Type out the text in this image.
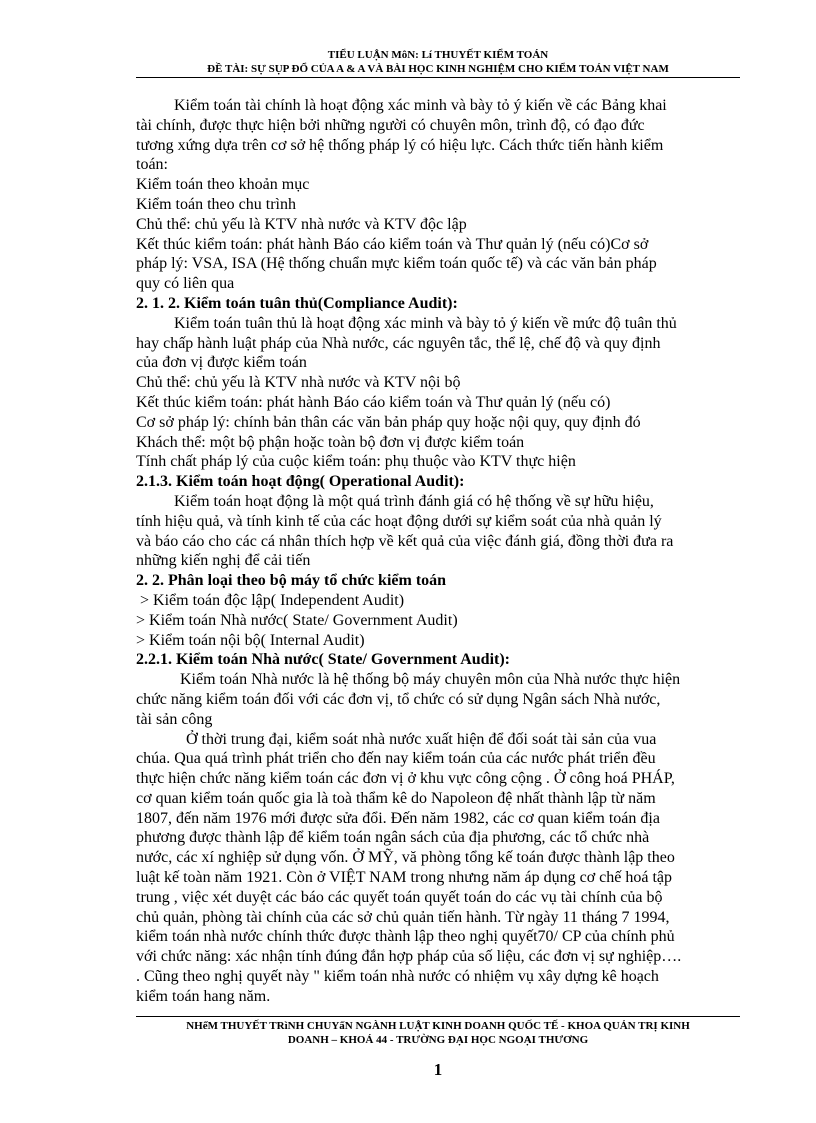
TIỂU LUẬN MôN: Lí THUYẾT KIỂM TOÁN
ĐỀ TÀI: SỰ SỤP ĐỔ CỦA A & A VÀ BÀI HỌC KINH NGHIỆM CHO KIỂM TOÁN VIỆT NAM
Kiểm toán tài chính là hoạt động xác minh và bày tỏ ý kiến về các Bảng khai
tài chính, được thực hiện bởi những người có chuyên môn, trình độ, có đạo đức
tương xứng dựa trên cơ sở hệ thống pháp lý có hiệu lực. Cách thức tiến hành kiểm
toán:
Kiểm toán theo khoản mục
Kiểm toán theo chu trình
Chủ thể: chủ yếu là KTV nhà nước và KTV độc lập
Kết thúc kiểm toán: phát hành Báo cáo kiểm toán và Thư quản lý (nếu có)Cơ sở
pháp lý: VSA, ISA (Hệ thống chuẩn mực kiểm toán quốc tế) và các văn bản pháp
quy có liên qua
2. 1. 2. Kiểm toán tuân thủ(Compliance Audit):
Kiểm toán tuân thủ là hoạt động xác minh và bày tỏ ý kiến về mức độ tuân thủ
hay chấp hành luật pháp của Nhà nước, các nguyên tắc, thể lệ, chế độ và quy định
của đơn vị được kiểm toán
Chủ thể: chủ yếu là KTV nhà nước và KTV nội bộ
Kết thúc kiểm toán: phát hành Báo cáo kiểm toán và Thư quản lý (nếu có)
Cơ sở pháp lý: chính bản thân các văn bản pháp quy hoặc nội quy, quy định đó
Khách thể: một bộ phận hoặc toàn bộ đơn vị được kiểm toán
Tính chất pháp lý của cuộc kiểm toán: phụ thuộc vào KTV thực hiện
2.1.3. Kiểm toán hoạt động( Operational Audit):
Kiểm toán hoạt động là một quá trình đánh giá có hệ thống về sự hữu hiệu,
tính hiệu quả, và tính kinh tế của các hoạt động dưới sự kiểm soát của nhà quản lý
và báo cáo cho các cá nhân thích hợp về kết quả của việc đánh giá, đồng thời đưa ra
những kiến nghị để cải tiến
2. 2. Phân loại theo bộ máy tổ chức kiểm toán
> Kiểm toán độc lập( Independent Audit)
> Kiểm toán Nhà nước( State/ Government Audit)
> Kiểm toán nội bộ( Internal Audit)
2.2.1. Kiểm toán Nhà nước( State/ Government Audit):
Kiểm toán Nhà nước là hệ thống bộ máy chuyên môn của Nhà nước thực hiện
chức năng kiểm toán đối với các đơn vị, tổ chức có sử dụng Ngân sách Nhà nước,
tài sản công
Ở thời trung đại, kiểm soát nhà nước xuất hiện để đối soát tài sản của vua
chúa. Qua quá trình phát triển cho đến nay kiểm toán của các nước phát triển đều
thực hiện chức năng kiểm toán các đơn vị ở khu vực công cộng . Ở công hoá PHÁP,
cơ quan kiểm toán quốc gia là toà thẩm kê do Napoleon đệ nhất thành lập từ năm
1807, đến năm 1976 mới được sửa đổi. Đến năm 1982, các cơ quan kiểm toán địa
phương được thành lập để kiểm toán ngân sách của địa phương, các tổ chức nhà
nước, các xí nghiệp sử dụng vốn. Ở MỸ, vă phòng tổng kế toán được thành lập theo
luật kế toàn năm 1921. Còn ở VIỆT NAM trong nhưng năm áp dụng cơ chế hoá tập
trung , việc xét duyệt các báo các quyết toán quyết toán do các vụ tài chính của bộ
chủ quản, phòng tài chính của các sở chủ quản tiến hành. Từ ngày 11 tháng 7 1994,
kiểm toán nhà nước chính thức được thành lập theo nghị quyết70/ CP của chính phủ
với chức năng: xác nhận tính đúng đắn hợp pháp của số liệu, các đơn vị sự nghiệp….
. Cũng theo nghị quyết này " kiểm toán nhà nước có nhiệm vụ xây dựng kê hoạch
kiểm toán hang năm.
NHểM THUYẾT TRìNH CHUYấN NGÀNH LUẬT KINH DOANH QUỐC TẾ - KHOA QUẢN TRỊ KINH
DOANH – KHOÁ 44 - TRƯỜNG ĐẠI HỌC NGOẠI THƯƠNG
1
